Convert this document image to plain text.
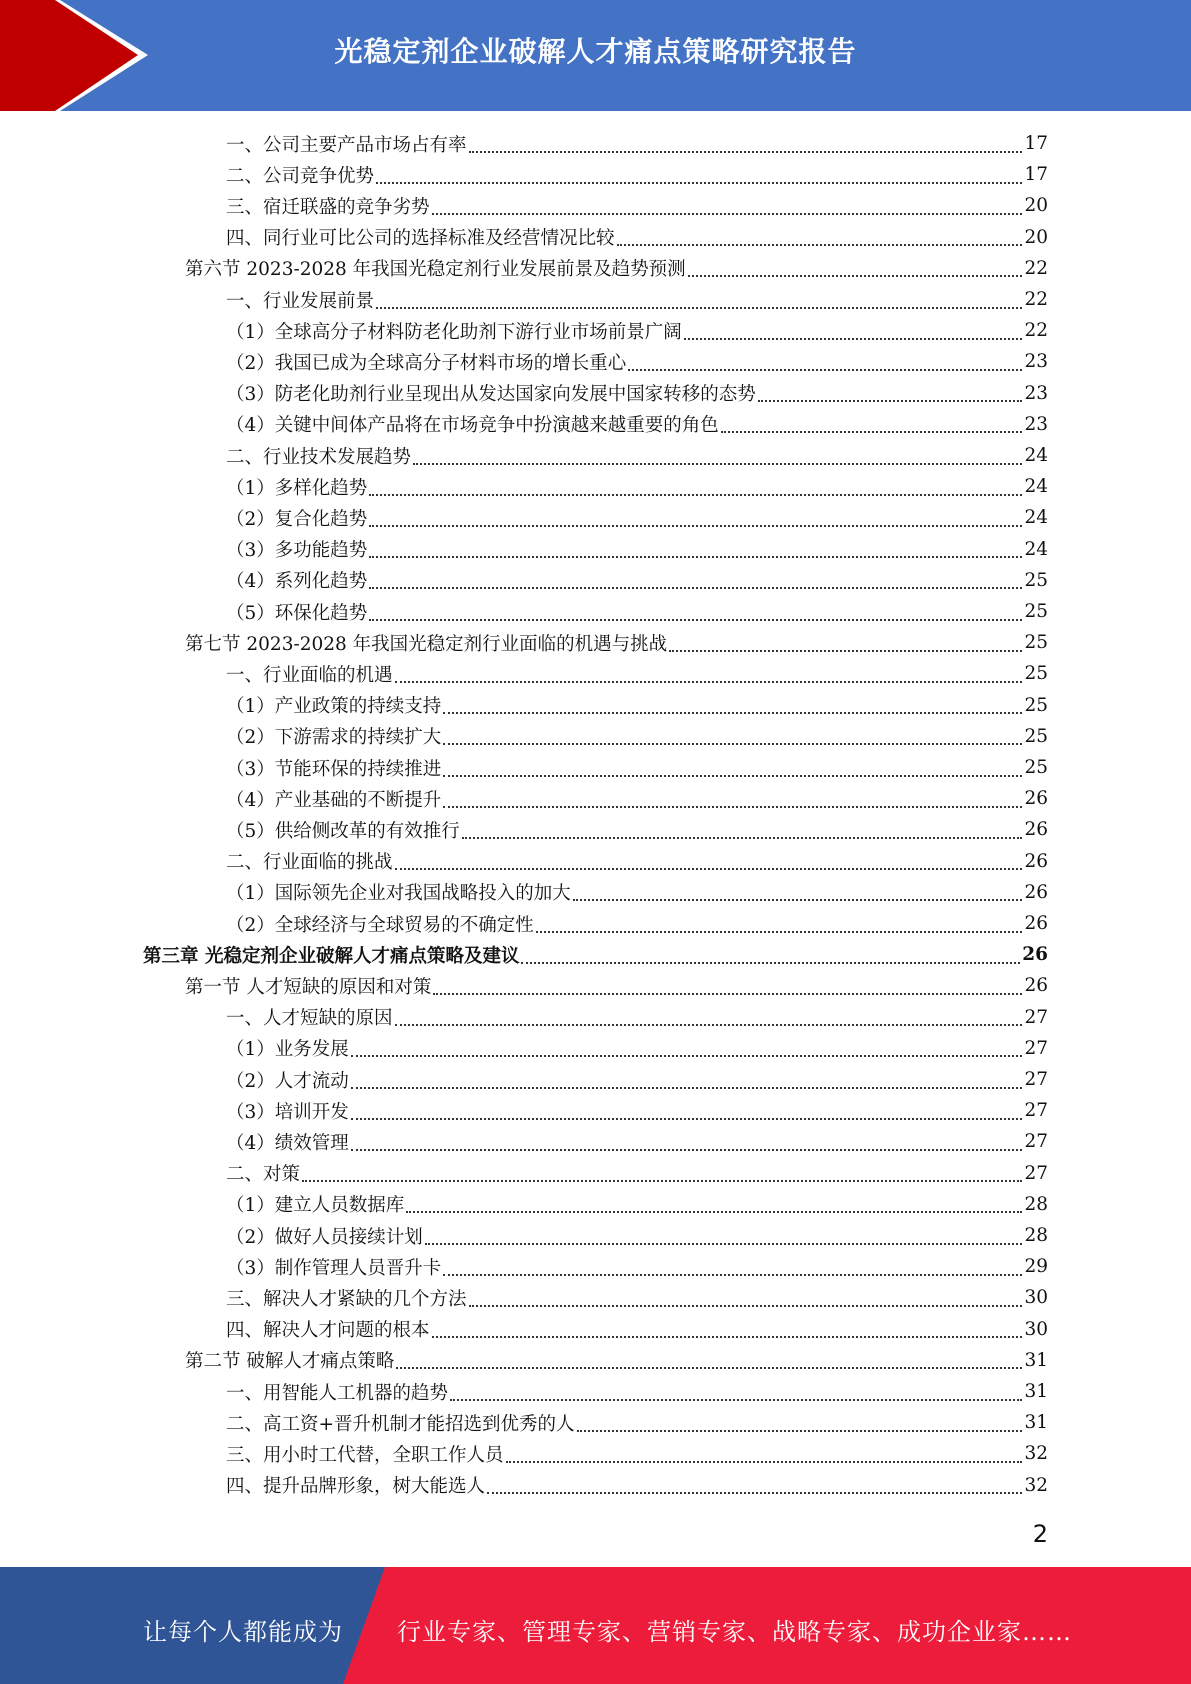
光稳定剂企业破解人才痛点策略研究报告
一、公司主要产品市场占有率	17
二、公司竞争优势	17
三、宿迁联盛的竞争劣势	20
四、同行业可比公司的选择标准及经营情况比较	20
第六节 2023-2028 年我国光稳定剂行业发展前景及趋势预测	22
一、行业发展前景	22
（1）全球高分子材料防老化助剂下游行业市场前景广阔	22
（2）我国已成为全球高分子材料市场的增长重心	23
（3）防老化助剂行业呈现出从发达国家向发展中国家转移的态势	23
（4）关键中间体产品将在市场竞争中扮演越来越重要的角色	23
二、行业技术发展趋势	24
（1）多样化趋势	24
（2）复合化趋势	24
（3）多功能趋势	24
（4）系列化趋势	25
（5）环保化趋势	25
第七节 2023-2028 年我国光稳定剂行业面临的机遇与挑战	25
一、行业面临的机遇	25
（1）产业政策的持续支持	25
（2）下游需求的持续扩大	25
（3）节能环保的持续推进	25
（4）产业基础的不断提升	26
（5）供给侧改革的有效推行	26
二、行业面临的挑战	26
（1）国际领先企业对我国战略投入的加大	26
（2）全球经济与全球贸易的不确定性	26
第三章 光稳定剂企业破解人才痛点策略及建议	26
第一节 人才短缺的原因和对策	26
一、人才短缺的原因	27
（1）业务发展	27
（2）人才流动	27
（3）培训开发	27
（4）绩效管理	27
二、对策	27
（1）建立人员数据库	28
（2）做好人员接续计划	28
（3）制作管理人员晋升卡	29
三、解决人才紧缺的几个方法	30
四、解决人才问题的根本	30
第二节 破解人才痛点策略	31
一、用智能人工机器的趋势	31
二、高工资+晋升机制才能招选到优秀的人	31
三、用小时工代替，全职工作人员	32
四、提升品牌形象，树大能选人	32
2
让每个人都能成为 行业专家、管理专家、营销专家、战略专家、成功企业家……
